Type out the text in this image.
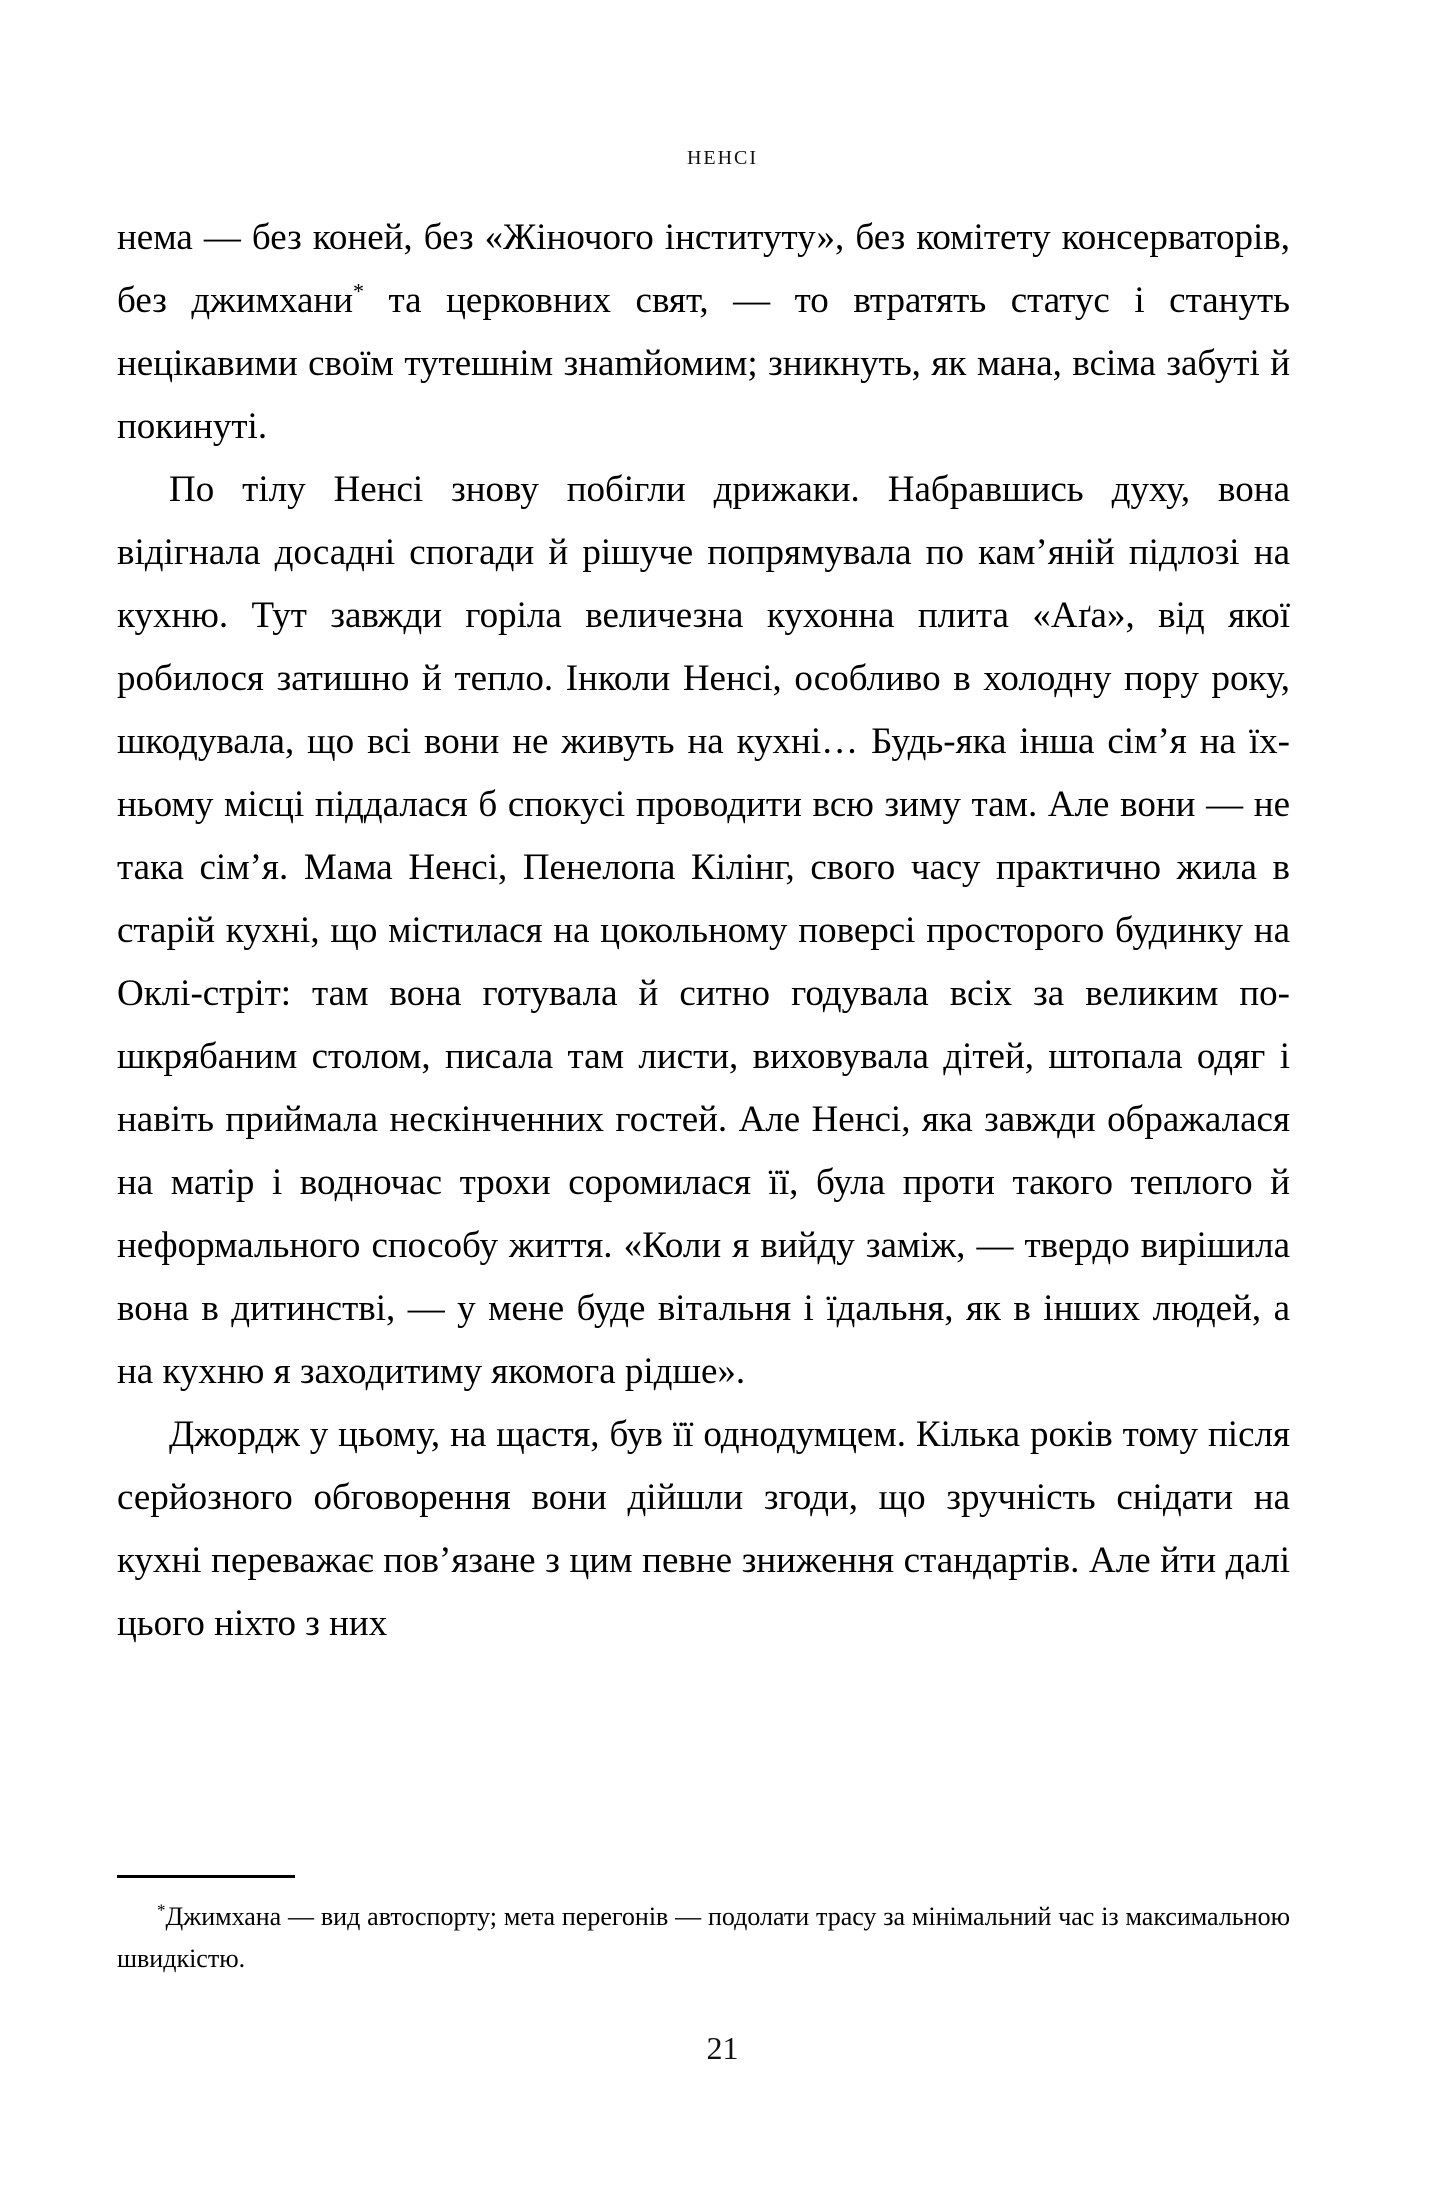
ненсі

нема — без коней, без «Жіночого інституту», без комітету консерваторів, без джимхани* та церковних свят, — то втратять статус і стануть нецікавими своїм тутешнім знаmйомим; зникнуть, як мана, всіма забуті й покинуті.

По тілу Ненсі знову побігли дрижаки. Набравшись духу, вона відігнала досадні спогади й рішуче попрямувала по кам’яній підлозі на кухню. Тут завжди горіла величезна кухонна плита «Аґа», від якої робилося затишно й тепло. Інколи Ненсі, особливо в холодну пору року, шкодувала, що всі вони не живуть на кухні… Будь-яка інша сім’я на їхньому місці піддалася б спокусі проводити всю зиму там. Але вони — не така сім’я. Мама Ненсі, Пенелопа Кілінг, свого часу практично жила в старій кухні, що містилася на цокольному поверсі просторого будинку на Оклі-стріт: там вона готувала й ситно годувала всіх за великим пошкрябаним столом, писала там листи, виховувала дітей, штопала одяг і навіть приймала нескінченних гостей. Але Ненсі, яка завжди ображалася на матір і водночас трохи соромилася її, була проти такого теплого й неформального способу життя. «Коли я вийду заміж, — твердо вирішила вона в дитинстві, — у мене буде вітальня і їдальня, як в інших людей, а на кухню я заходитиму якомога рідше».

Джордж у цьому, на щастя, був її однодумцем. Кілька років тому після серйозного обговорення вони дійшли згоди, що зручність снідати на кухні переважає пов’язане з цим певне зниження стандартів. Але йти далі цього ніхто з них

*Джимхана — вид автоспорту; мета перегонів — подолати трасу за мінімальний час із максимальною швидкістю.

21
